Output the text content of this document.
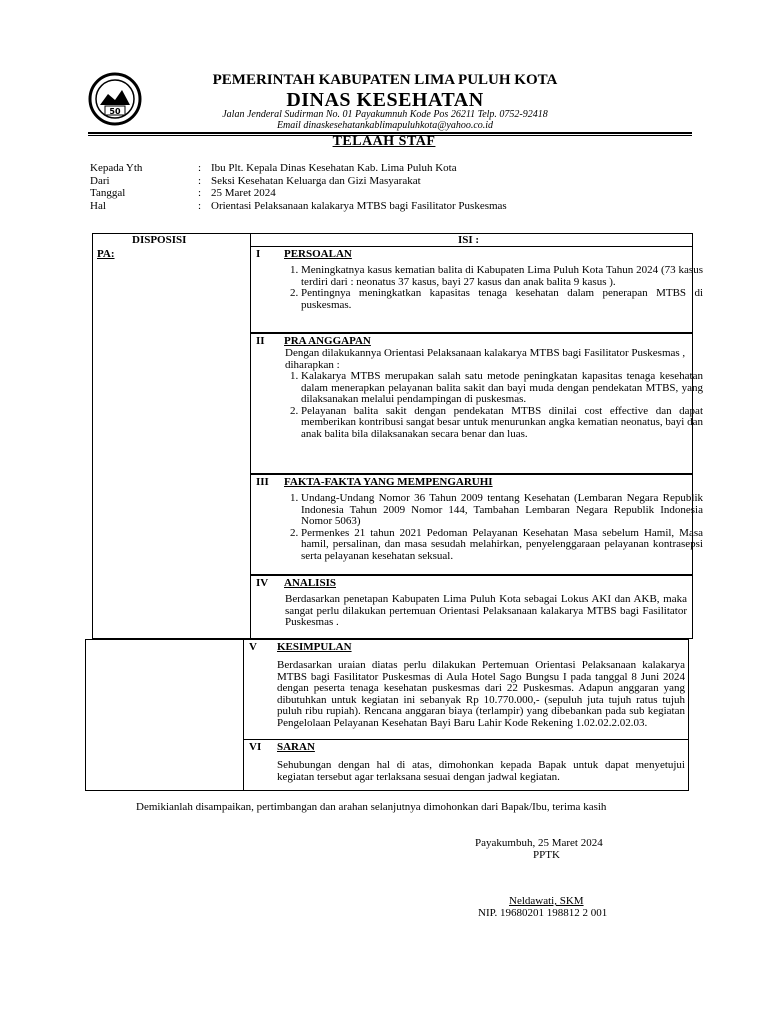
50
PEMERINTAH KABUPATEN LIMA PULUH KOTA
DINAS KESEHATAN
Jalan Jenderal Sudirman No. 01 Payakumnuh Kode Pos 26211 Telp. 0752-92418
Email dinaskesehatankablimapuluhkota@yahoo.co.id
TELAAH STAF
Kepada Yth	:	Ibu Plt. Kepala Dinas Kesehatan Kab. Lima Puluh Kota
Dari	:	Seksi Kesehatan Keluarga dan Gizi Masyarakat
Tanggal	:	25 Maret 2024
Hal	:	Orientasi Pelaksanaan kalakarya MTBS bagi Fasilitator Puskesmas
DISPOSISI	ISI :
PA:	I PERSOALAN
1. Meningkatnya kasus kematian balita di Kabupaten Lima Puluh Kota Tahun 2024 (73 kasus terdiri dari : neonatus 37 kasus, bayi 27 kasus dan anak balita 9 kasus ).
2. Pentingnya meningkatkan kapasitas tenaga kesehatan dalam penerapan MTBS di puskesmas.
II PRA ANGGAPAN

Dengan dilakukannya Orientasi Pelaksanaan kalakarya MTBS bagi Fasilitator Puskesmas , diharapkan :

1. Kalakarya MTBS merupakan salah satu metode peningkatan kapasitas tenaga kesehatan dalam menerapkan pelayanan balita sakit dan bayi muda dengan pendekatan MTBS, yang dilaksanakan melalui pendampingan di puskesmas.
2. Pelayanan balita sakit dengan pendekatan MTBS dinilai cost effective dan dapat memberikan kontribusi sangat besar untuk menurunkan angka kematian neonatus, bayi dan anak balita bila dilaksanakan secara benar dan luas.
III FAKTA-FAKTA YANG MEMPENGARUHI
1. Undang-Undang Nomor 36 Tahun 2009 tentang Kesehatan (Lembaran Negara Republik Indonesia Tahun 2009 Nomor 144, Tambahan Lembaran Negara Republik Indonesia Nomor 5063)
2. Permenkes 21 tahun 2021 Pedoman Pelayanan Kesehatan Masa sebelum Hamil, Masa hamil, persalinan, dan masa sesudah melahirkan, penyelenggaraan pelayanan kontrasepsi serta pelayanan kesehatan seksual.
IV ANALISIS

Berdasarkan penetapan Kabupaten Lima Puluh Kota sebagai Lokus AKI dan AKB, maka sangat perlu dilakukan pertemuan Orientasi Pelaksanaan kalakarya MTBS bagi Fasilitator Puskesmas .

V KESIMPULAN

Berdasarkan uraian diatas perlu dilakukan Pertemuan Orientasi Pelaksanaan kalakarya MTBS bagi Fasilitator Puskesmas di Aula Hotel Sago Bungsu I pada tanggal 8 Juni 2024 dengan peserta tenaga kesehatan puskesmas dari 22 Puskesmas. Adapun anggaran yang dibutuhkan untuk kegiatan ini sebanyak Rp 10.770.000,- (sepuluh juta tujuh ratus tujuh puluh ribu rupiah). Rencana anggaran biaya (terlampir) yang dibebankan pada sub kegiatan Pengelolaan Pelayanan Kesehatan Bayi Baru Lahir Kode Rekening 1.02.02.2.02.03.

VI SARAN

Sehubungan dengan hal di atas, dimohonkan kepada Bapak untuk dapat menyetujui kegiatan tersebut agar terlaksana sesuai dengan jadwal kegiatan.

Demikianlah disampaikan, pertimbangan dan arahan selanjutnya dimohonkan dari Bapak/Ibu, terima kasih
Payakumbuh, 25 Maret 2024
PPTK
Neldawati, SKM
NIP. 19680201 198812 2 001
